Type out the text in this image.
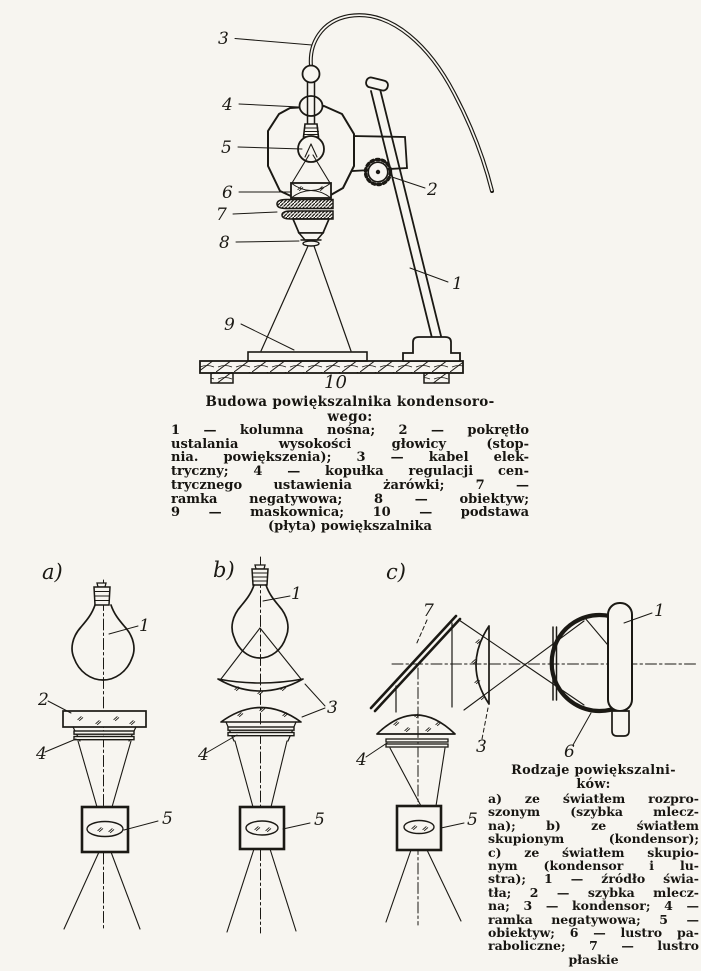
3
4
5
6
7
8
9
2
1
10
Budowa powiększalnika kondensoro-
wego:
1 — kolumna nośna; 2 — pokrętło
ustalania wysokości głowicy (stop-
nia. powiększenia); 3 — kabel elek-
tryczny; 4 — kopułka regulacji cen-
trycznego ustawienia żarówki; 7 —
ramka negatywowa; 8 — obiektyw;
9 — maskownica; 10 — podstawa
(płyta) powiększalnika
a)
1
2
4
5
b)
1
3
4
5
c)
7	1
3	6
4
5
Rodzaje powiększalni-
ków:
a) ze światłem rozpro-
szonym (szybka mlecz-
na); b) ze światłem
skupionym (kondensor);
c) ze światłem skupio-
nym (kondensor i lu-
stra); 1 — źródło świa-
tła; 2 — szybka mlecz-
na; 3 — kondensor; 4 —
ramka negatywowa; 5 —
obiektyw; 6 — lustro pa-
raboliczne; 7 — lustro
płaskie
